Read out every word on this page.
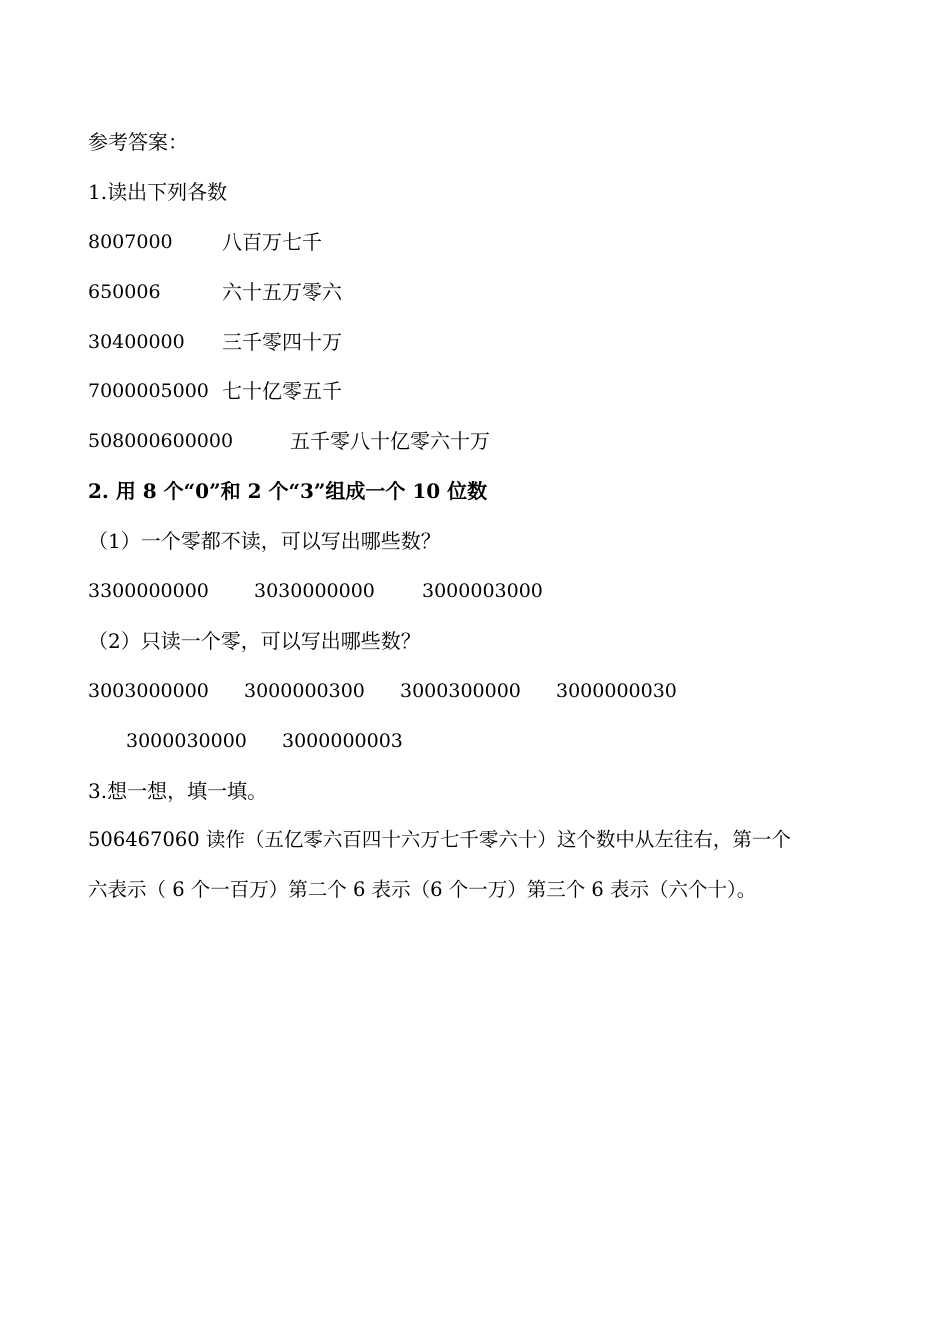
参考答案：
1.读出下列各数
8007000 八百万七千
650006	六十五万零六
30400000 三千零四十万
7000005000 七十亿零五千
508000600000	五千零八十亿零六十万
2. 用 8 个“0”和 2 个“3”组成一个 10 位数
（1）一个零都不读，可以写出哪些数？
3300000000 3030000000 3000003000
（2）只读一个零，可以写出哪些数？
3003000000 3000000300 3000300000 3000000030
3000030000 3000000003
3.想一想，填一填。
506467060 读作（五亿零六百四十六万七千零六十）这个数中从左往右，第一个
六表示（ 6 个一百万）第二个 6 表示（6 个一万）第三个 6 表示（六个十）。
